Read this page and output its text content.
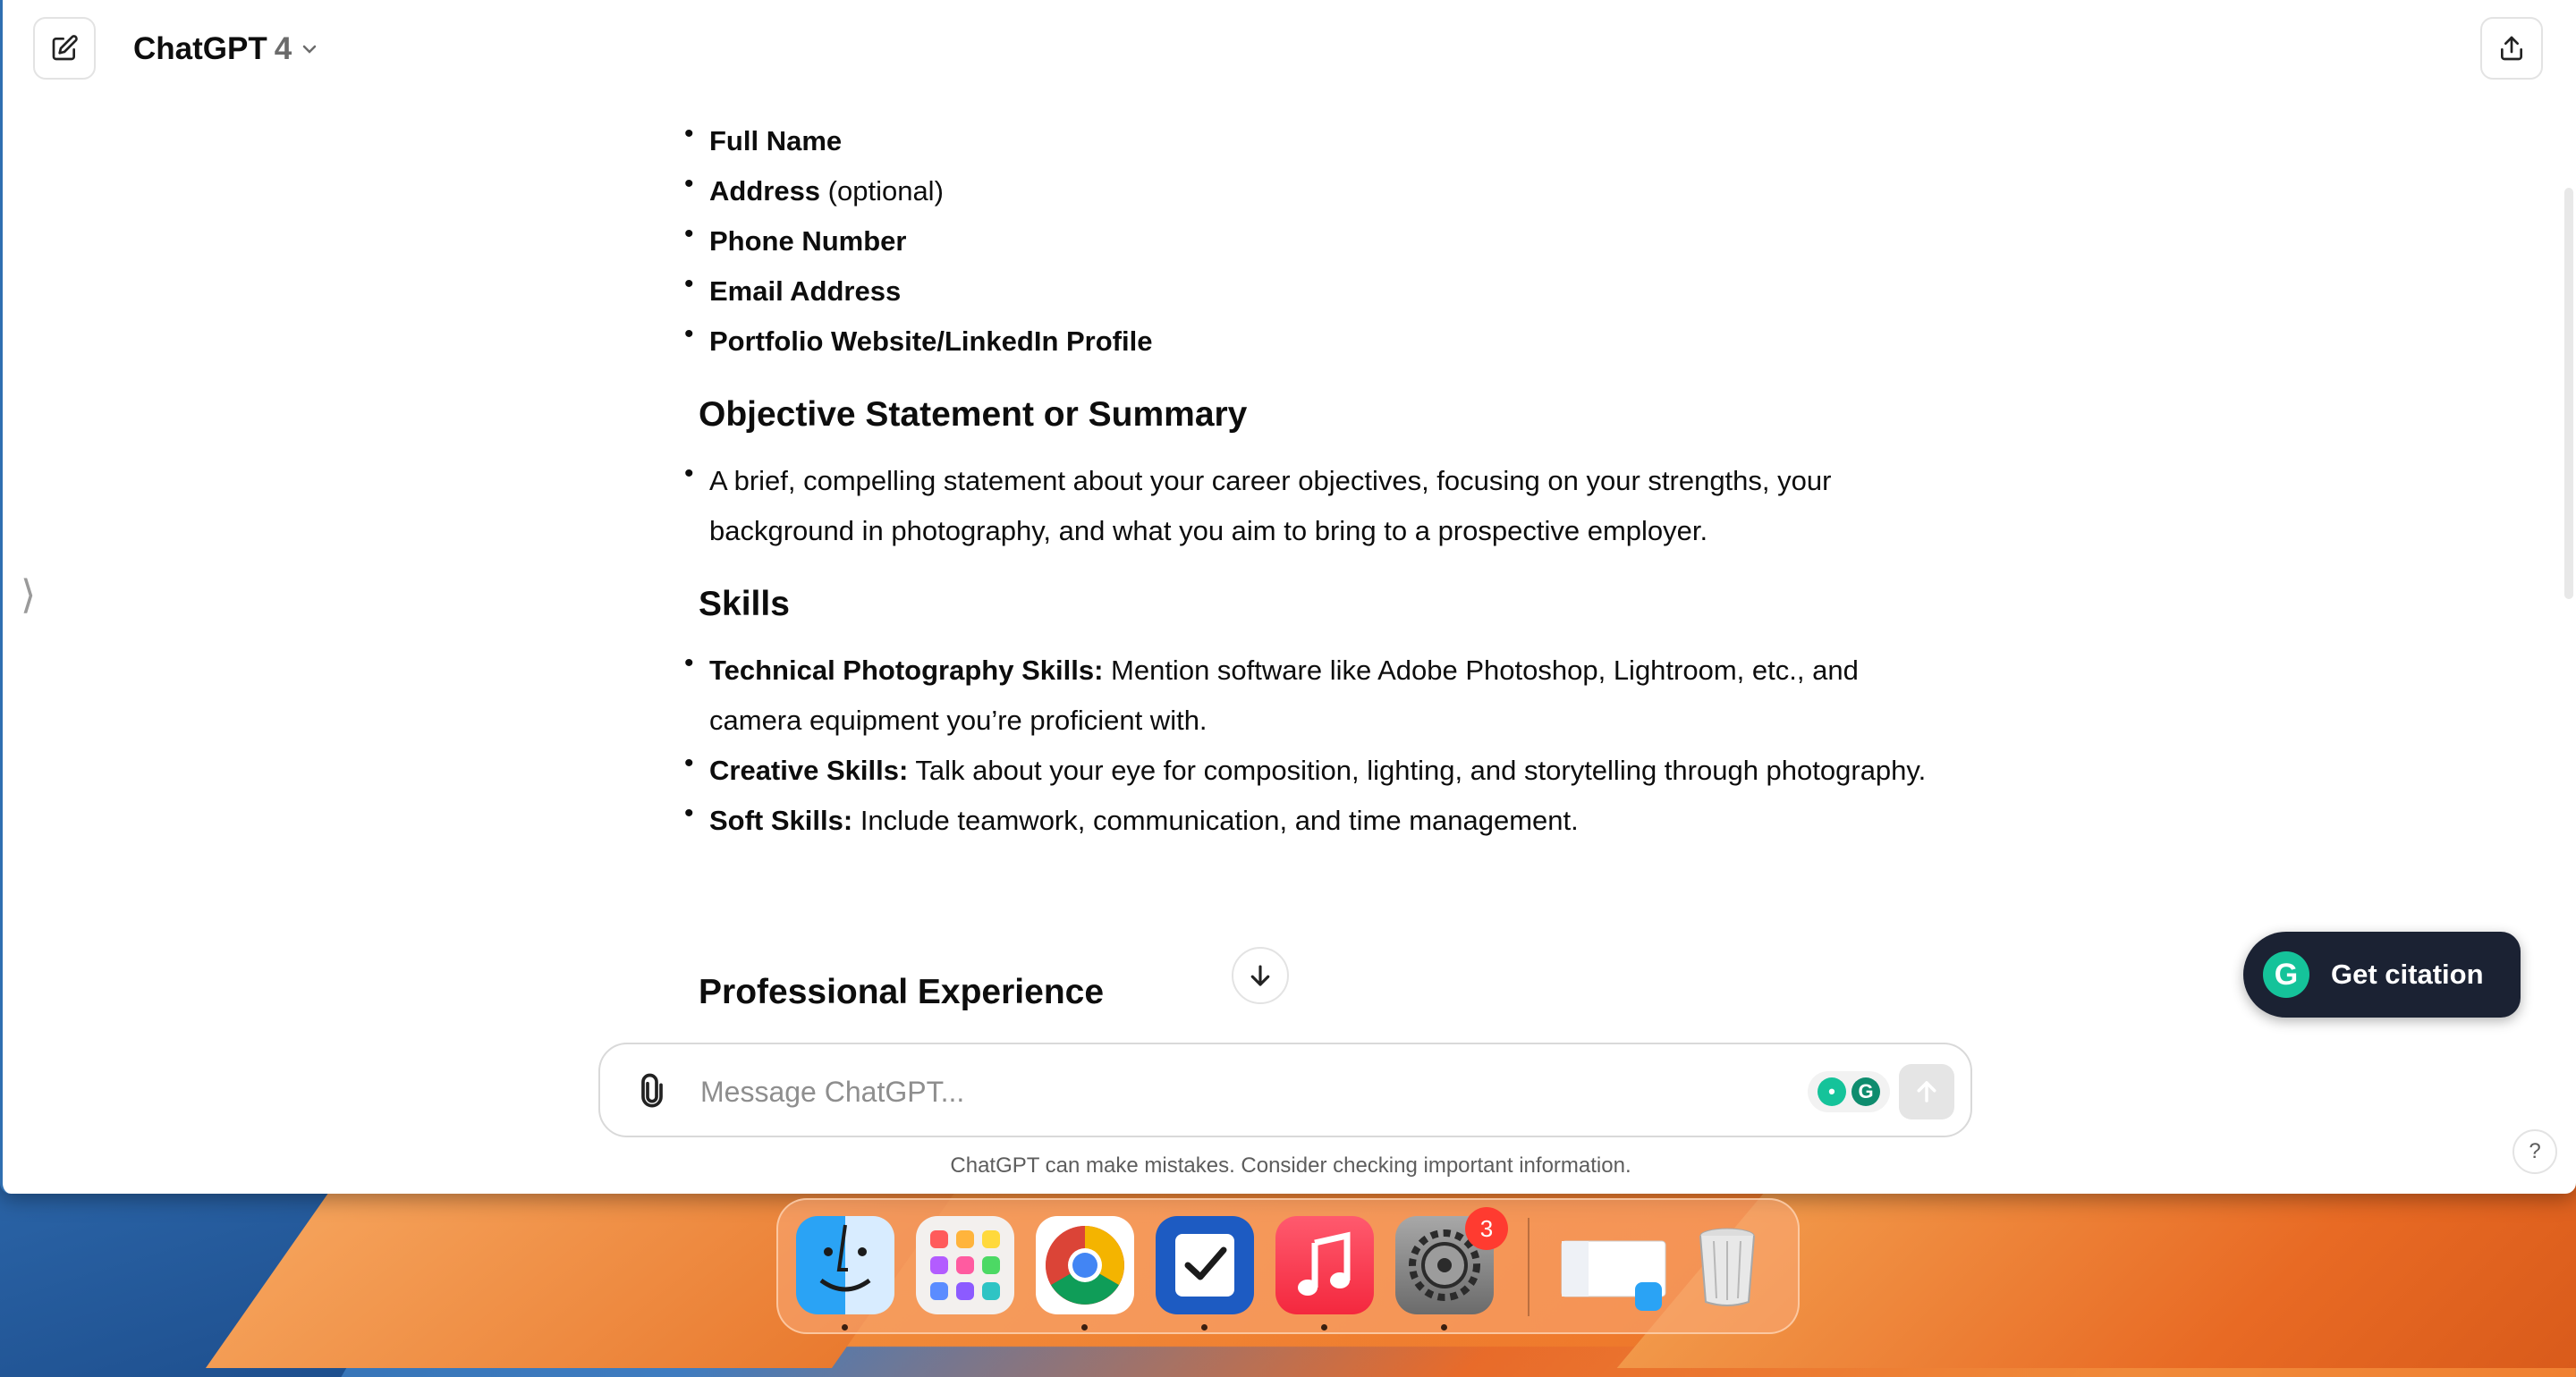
ChatGPT 4
⟩
• Full Name
• Address (optional)
• Phone Number
• Email Address
• Portfolio Website/LinkedIn Profile
Objective Statement or Summary
• A brief, compelling statement about your career objectives, focusing on your strengths, your background in photography, and what you aim to bring to a prospective employer.
Skills
• Technical Photography Skills: Mention software like Adobe Photoshop, Lightroom, etc., and camera equipment you’re proficient with.
• Creative Skills: Talk about your eye for composition, lighting, and storytelling through photography.
• Soft Skills: Include teamwork, communication, and time management.
Professional Experience
Message ChatGPT...
•	G
ChatGPT can make mistakes. Consider checking important information.
?
G	Get citation
3
